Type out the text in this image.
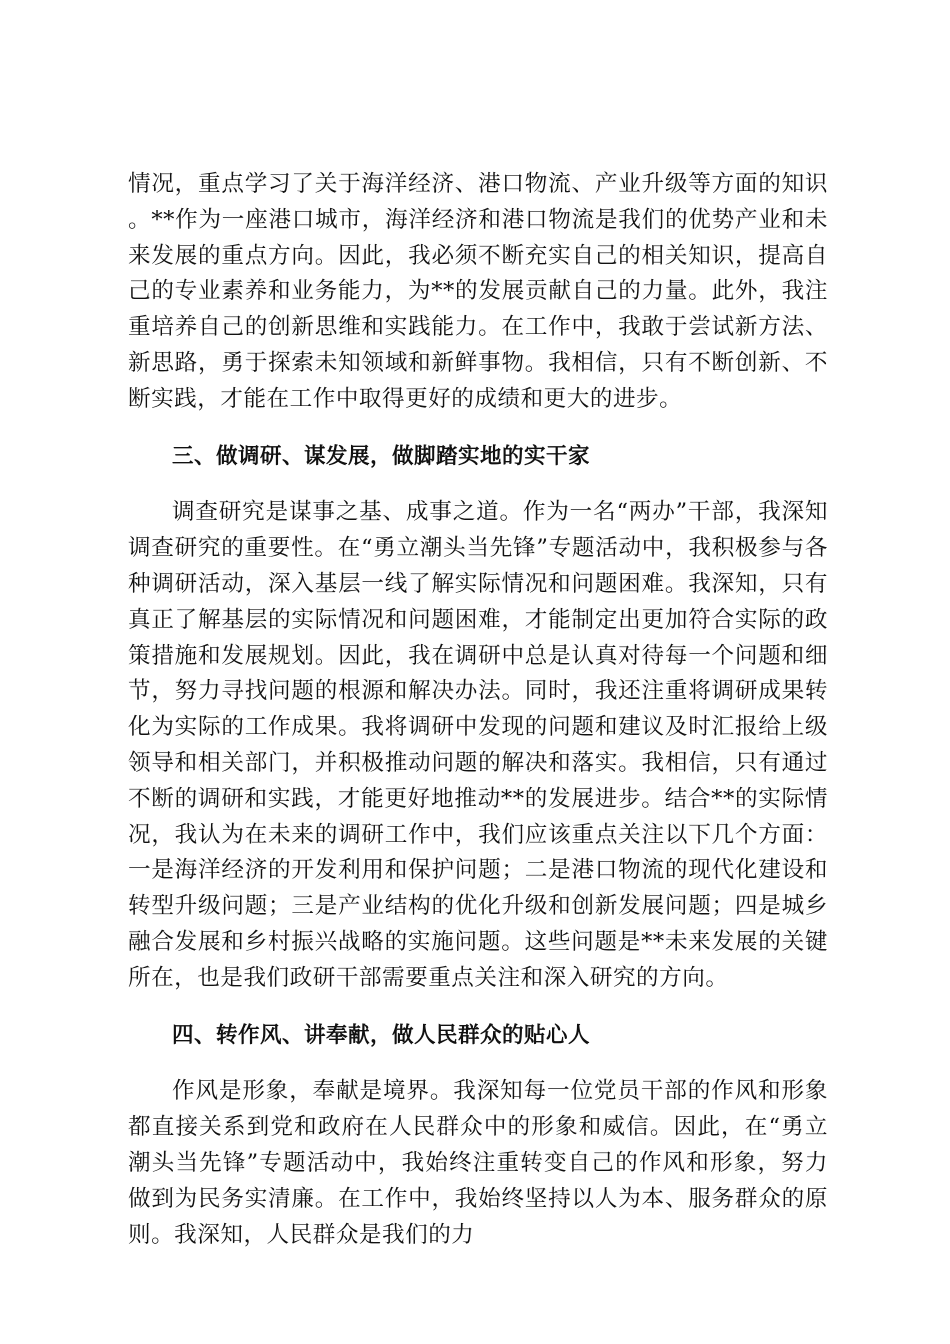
情况，重点学习了关于海洋经济、港口物流、产业升级等方面的知识。**作为一座港口城市，海洋经济和港口物流是我们的优势产业和未来发展的重点方向。因此，我必须不断充实自己的相关知识，提高自己的专业素养和业务能力，为**的发展贡献自己的力量。此外，我注重培养自己的创新思维和实践能力。在工作中，我敢于尝试新方法、新思路，勇于探索未知领域和新鲜事物。我相信，只有不断创新、不断实践，才能在工作中取得更好的成绩和更大的进步。

三、做调研、谋发展，做脚踏实地的实干家

调查研究是谋事之基、成事之道。作为一名“两办”干部，我深知调查研究的重要性。在“勇立潮头当先锋”专题活动中，我积极参与各种调研活动，深入基层一线了解实际情况和问题困难。我深知，只有真正了解基层的实际情况和问题困难，才能制定出更加符合实际的政策措施和发展规划。因此，我在调研中总是认真对待每一个问题和细节，努力寻找问题的根源和解决办法。同时，我还注重将调研成果转化为实际的工作成果。我将调研中发现的问题和建议及时汇报给上级领导和相关部门，并积极推动问题的解决和落实。我相信，只有通过不断的调研和实践，才能更好地推动**的发展进步。结合**的实际情况，我认为在未来的调研工作中，我们应该重点关注以下几个方面：一是海洋经济的开发利用和保护问题；二是港口物流的现代化建设和转型升级问题；三是产业结构的优化升级和创新发展问题；四是城乡融合发展和乡村振兴战略的实施问题。这些问题是**未来发展的关键所在，也是我们政研干部需要重点关注和深入研究的方向。

四、转作风、讲奉献，做人民群众的贴心人

作风是形象，奉献是境界。我深知每一位党员干部的作风和形象都直接关系到党和政府在人民群众中的形象和威信。因此，在“勇立潮头当先锋”专题活动中，我始终注重转变自己的作风和形象，努力做到为民务实清廉。在工作中，我始终坚持以人为本、服务群众的原则。我深知，人民群众是我们的力
